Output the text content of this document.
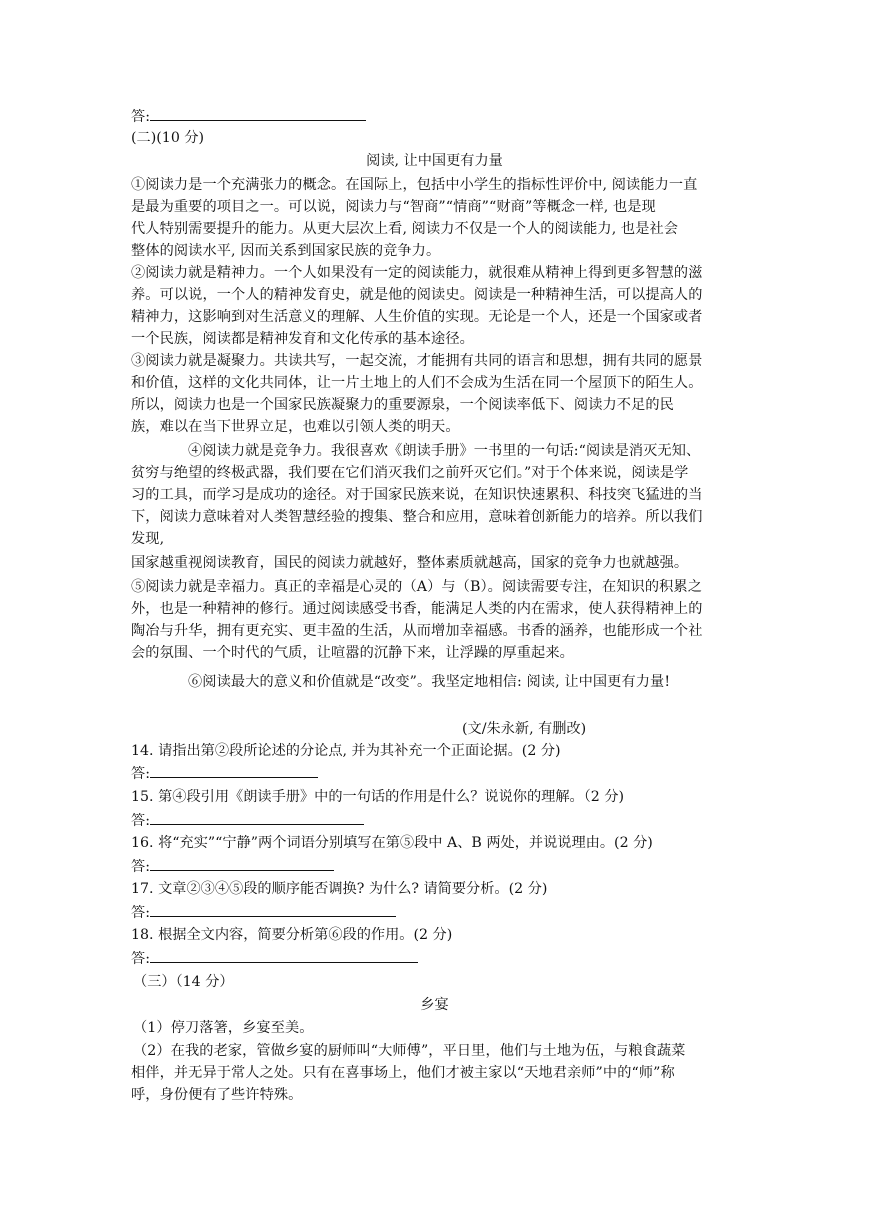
答:
(二)(10 分)
阅读, 让中国更有力量
①阅读力是一个充满张力的概念。在国际上，包括中小学生的指标性评价中, 阅读能力一直
是最为重要的项目之一。可以说，阅读力与“智商”“情商”“财商”等概念一样, 也是现
代人特别需要提升的能力。从更大层次上看, 阅读力不仅是一个人的阅读能力, 也是社会
整体的阅读水平, 因而关系到国家民族的竞争力。
②阅读力就是精神力。一个人如果没有一定的阅读能力，就很难从精神上得到更多智慧的滋
养。可以说，一个人的精神发育史，就是他的阅读史。阅读是一种精神生活，可以提高人的
精神力，这影响到对生活意义的理解、人生价值的实现。无论是一个人，还是一个国家或者
一个民族，阅读都是精神发育和文化传承的基本途径。
③阅读力就是凝聚力。共读共写，一起交流，才能拥有共同的语言和思想，拥有共同的愿景
和价值，这样的文化共同体，让一片土地上的人们不会成为生活在同一个屋顶下的陌生人。
所以，阅读力也是一个国家民族凝聚力的重要源泉，一个阅读率低下、阅读力不足的民
族，难以在当下世界立足，也难以引领人类的明天。
④阅读力就是竞争力。我很喜欢《朗读手册》一书里的一句话:“阅读是消灭无知、
贫穷与绝望的终极武器，我们要在它们消灭我们之前歼灭它们。”对于个体来说，阅读是学
习的工具，而学习是成功的途径。对于国家民族来说，在知识快速累积、科技突飞猛进的当
下，阅读力意味着对人类智慧经验的搜集、整合和应用，意味着创新能力的培养。所以我们
发现,
国家越重视阅读教育，国民的阅读力就越好，整体素质就越高，国家的竞争力也就越强。
⑤阅读力就是幸福力。真正的幸福是心灵的（A）与（B）。阅读需要专注，在知识的积累之
外，也是一种精神的修行。通过阅读感受书香，能满足人类的内在需求，使人获得精神上的
陶冶与升华，拥有更充实、更丰盈的生活，从而增加幸福感。书香的涵养，也能形成一个社
会的氛围、一个时代的气质，让喧嚣的沉静下来，让浮躁的厚重起来。
⑥阅读最大的意义和价值就是“改变”。我坚定地相信: 阅读, 让中国更有力量!
(文/朱永新, 有删改)
14. 请指出第②段所论述的分论点, 并为其补充一个正面论据。(2 分)
答:
15. 第④段引用《朗读手册》中的一句话的作用是什么？说说你的理解。（2 分)
答:
16. 将“充实”“宁静”两个词语分别填写在第⑤段中 A、B 两处，并说说理由。(2 分)
答:
17. 文章②③④⑤段的顺序能否调换? 为什么? 请简要分析。(2 分)
答:
18. 根据全文内容，简要分析第⑥段的作用。(2 分)
答:
（三）（14 分）
乡宴
（1）停刀落箸，乡宴至美。
（2）在我的老家，管做乡宴的厨师叫“大师傅”，平日里，他们与土地为伍，与粮食蔬菜
相伴，并无异于常人之处。只有在喜事场上，他们才被主家以“天地君亲师”中的“师”称
呼，身份便有了些许特殊。
